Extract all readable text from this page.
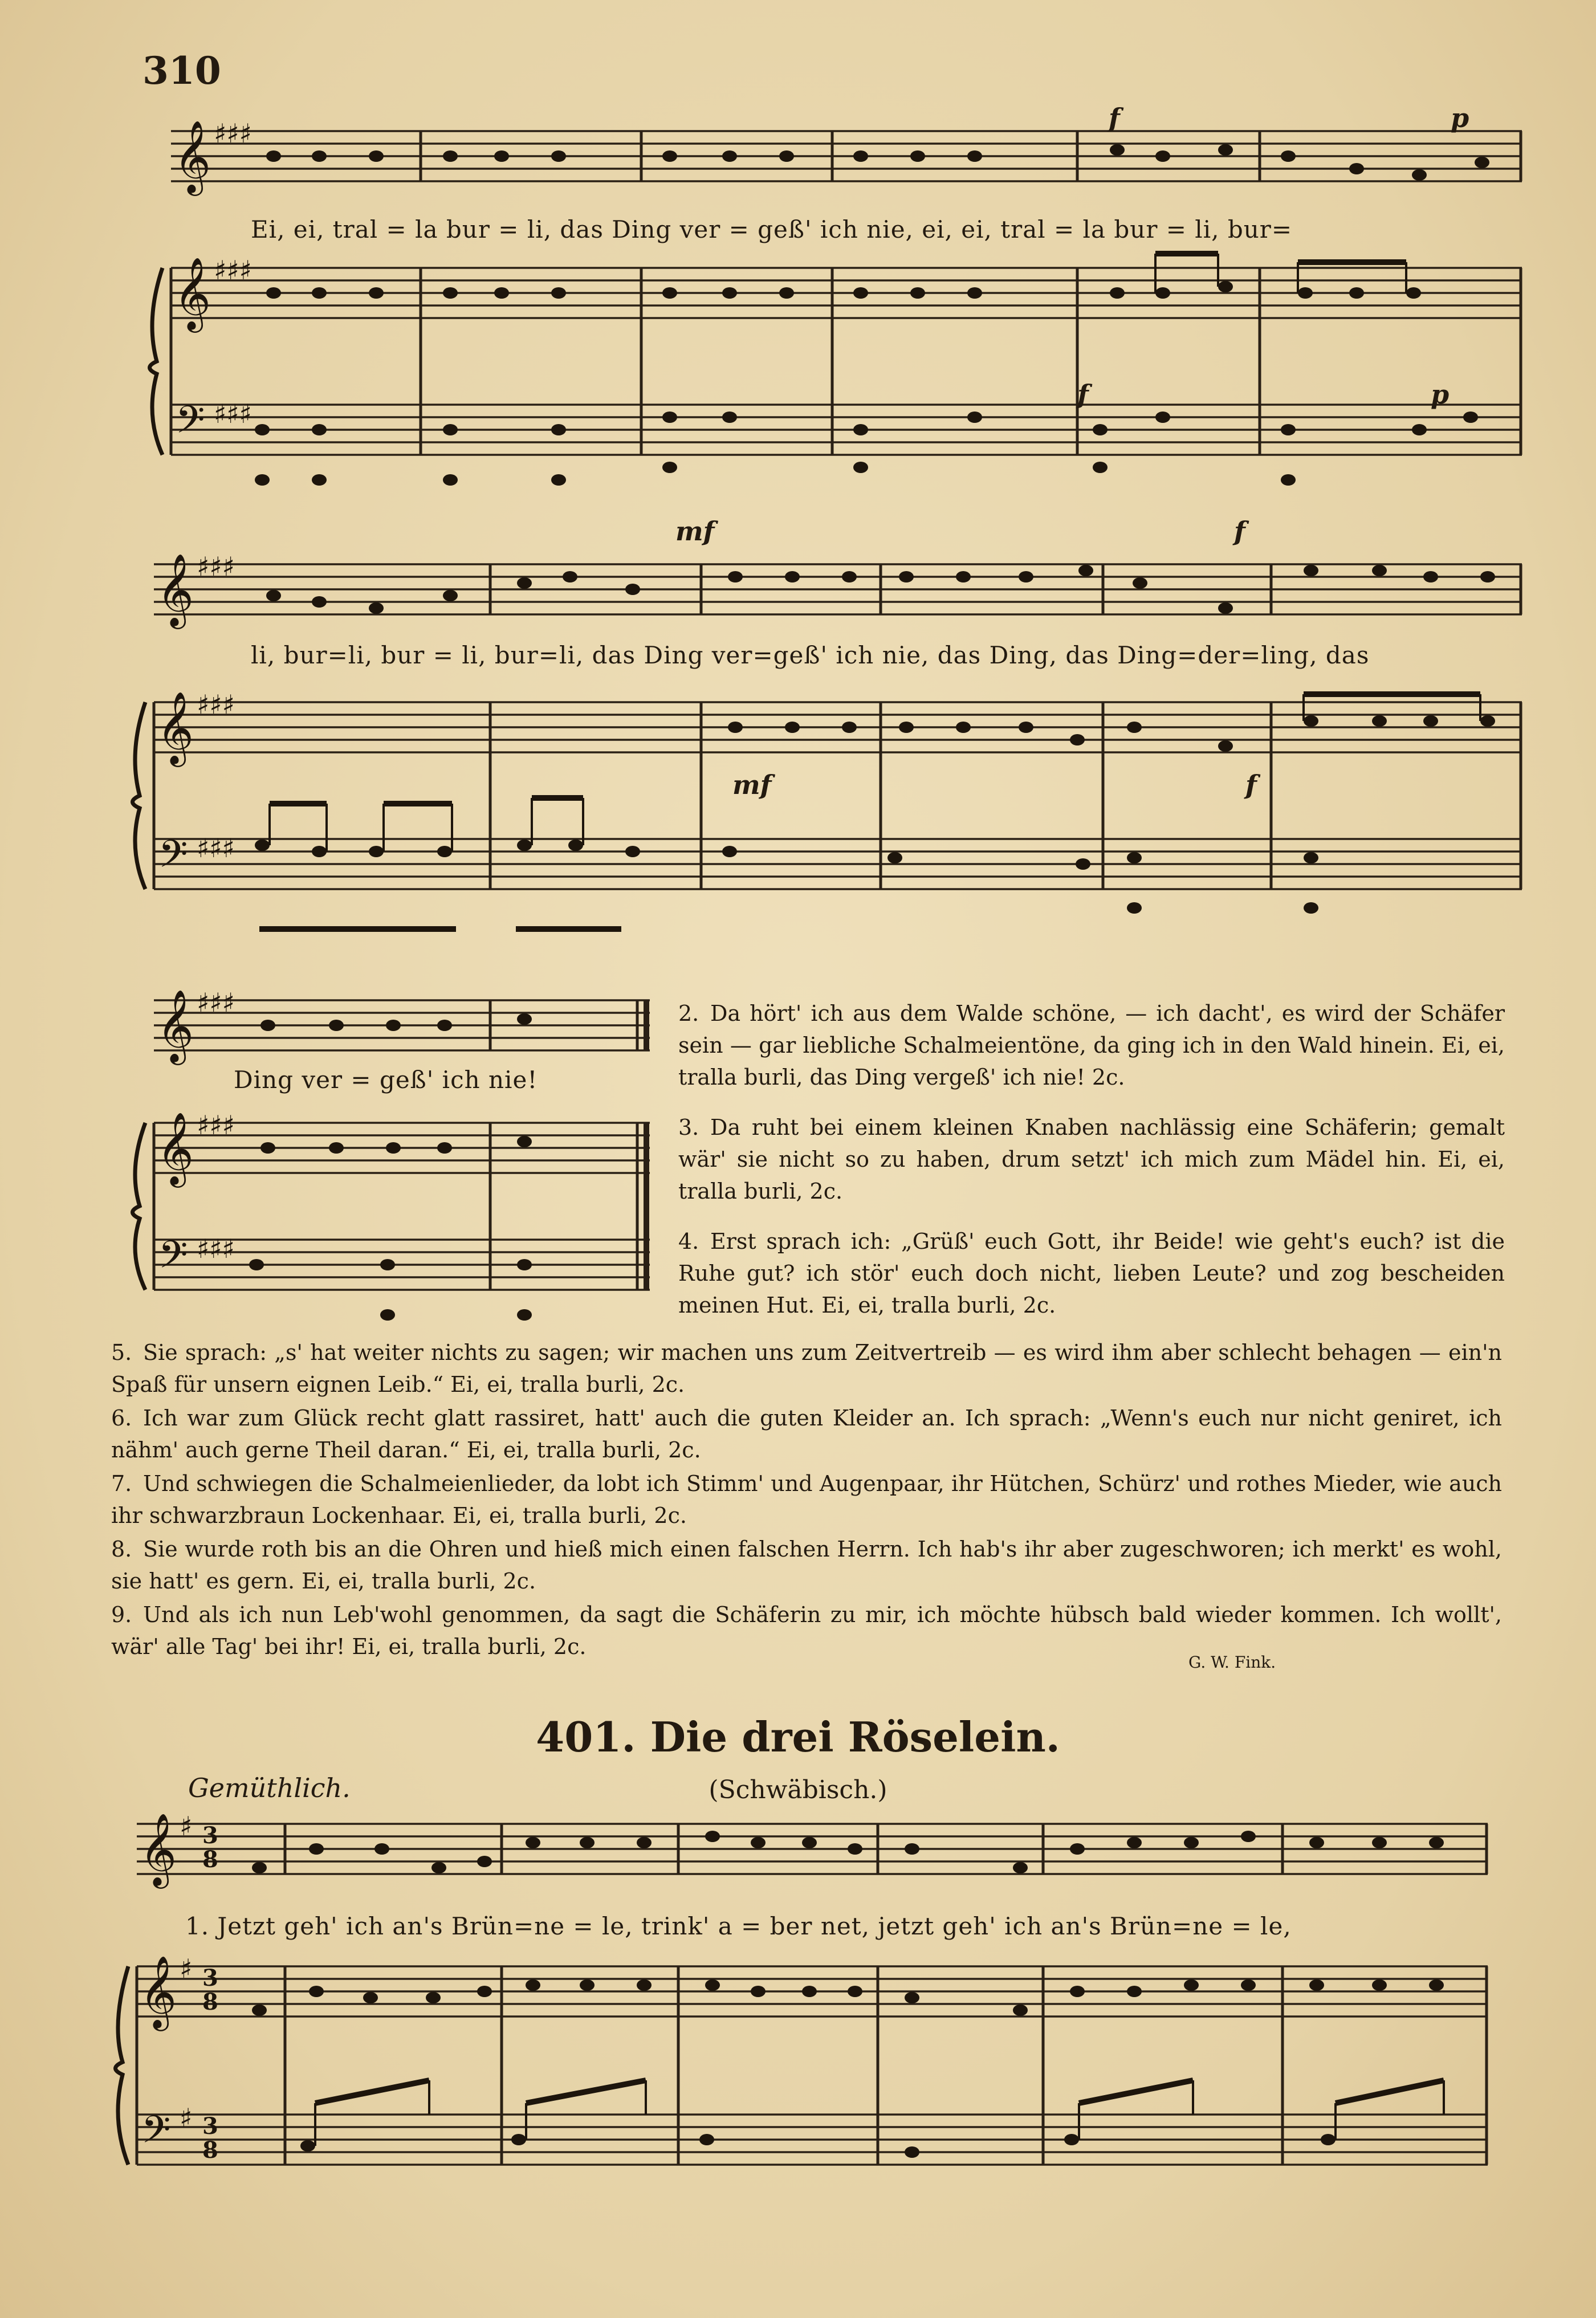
310
𝄞
𝄞
𝄢
♯♯♯
♯♯♯
♯♯♯
f	p
f	p
Ei, ei, tral = la bur = li, das Ding ver = geß' ich nie, ei, ei, tral = la bur = li, bur=
𝄞
𝄞
𝄢
♯♯♯
♯♯♯
♯♯♯
mf	f
mf	f
li, bur=li, bur = li, bur=li, das Ding ver=geß' ich nie, das Ding, das Ding=der=ling, das
𝄞
𝄞
𝄢
♯♯♯
♯♯♯
♯♯♯
Ding ver = geß' ich nie!
2. Da hört' ich aus dem Walde schöne, — ich dacht', es wird der Schäfer sein — gar liebliche Schalmeientöne, da ging ich in den Wald hinein. Ei, ei, tralla burli, das Ding vergeß' ich nie! 2c.
3. Da ruht bei einem kleinen Knaben nachlässig eine Schäferin; gemalt wär' sie nicht so zu haben, drum setzt' ich mich zum Mädel hin. Ei, ei, tralla burli, 2c.
4. Erst sprach ich: „Grüß' euch Gott, ihr Beide! wie geht's euch? ist die Ruhe gut? ich stör' euch doch nicht, lieben Leute? und zog bescheiden meinen Hut. Ei, ei, tralla burli, 2c.
5. Sie sprach: „s' hat weiter nichts zu sagen; wir machen uns zum Zeitvertreib — es wird ihm aber schlecht behagen — ein'n Spaß für unsern eignen Leib.“ Ei, ei, tralla burli, 2c.
6. Ich war zum Glück recht glatt rassiret, hatt' auch die guten Kleider an. Ich sprach: „Wenn's euch nur nicht geniret, ich nähm' auch gerne Theil daran.“ Ei, ei, tralla burli, 2c.
7. Und schwiegen die Schalmeienlieder, da lobt ich Stimm' und Augenpaar, ihr Hütchen, Schürz' und rothes Mieder, wie auch ihr schwarzbraun Lockenhaar. Ei, ei, tralla burli, 2c.
8. Sie wurde roth bis an die Ohren und hieß mich einen falschen Herrn. Ich hab's ihr aber zugeschworen; ich merkt' es wohl, sie hatt' es gern. Ei, ei, tralla burli, 2c.
9. Und als ich nun Leb'wohl genommen, da sagt die Schäferin zu mir, ich möchte hübsch bald wieder kommen. Ich wollt', wär' alle Tag' bei ihr! Ei, ei, tralla burli, 2c.
G. W. Fink.
401. Die drei Röselein.
Gemüthlich.	(Schwäbisch.)
𝄞
𝄞
𝄢
♯
♯
♯
3
8
3
8
3
8
1. Jetzt geh' ich an's Brün=ne = le, trink' a = ber net, jetzt geh' ich an's Brün=ne = le,
